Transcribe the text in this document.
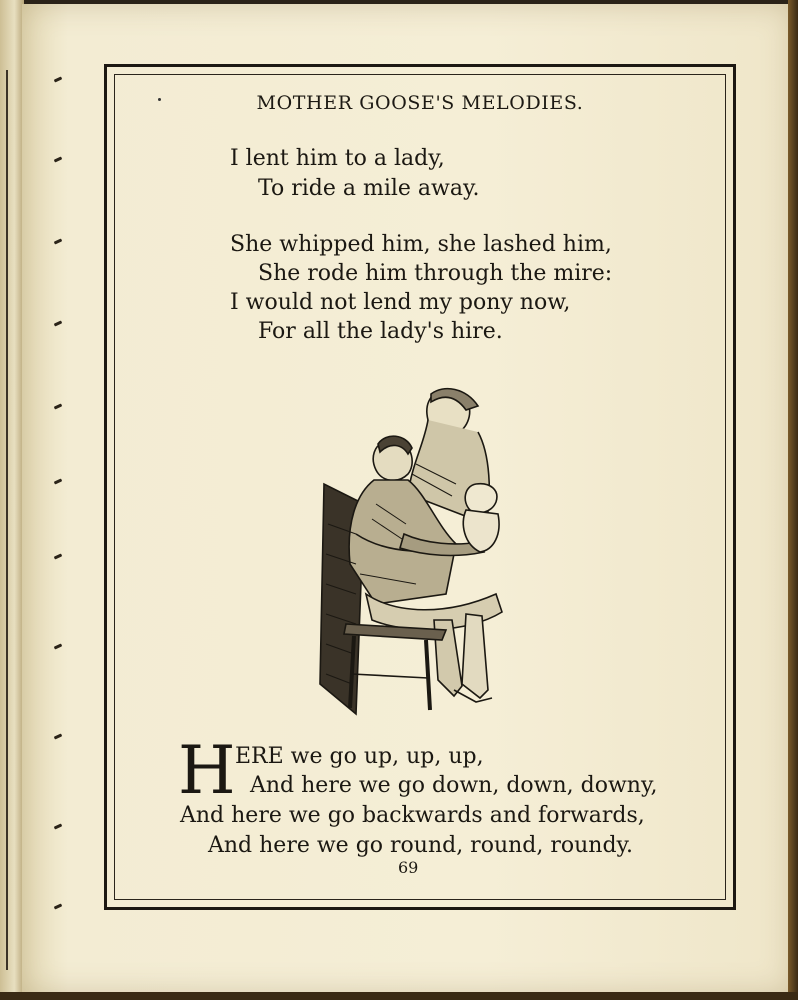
MOTHER GOOSE'S MELODIES.
I lent him to a lady,
To ride a mile away.
She whipped him, she lashed him,
She rode him through the mire:
I would not lend my pony now,
For all the lady's hire.
H ERE we go up, up, up,
And here we go down, down, downy,
And here we go backwards and forwards,
And here we go round, round, roundy.
69
